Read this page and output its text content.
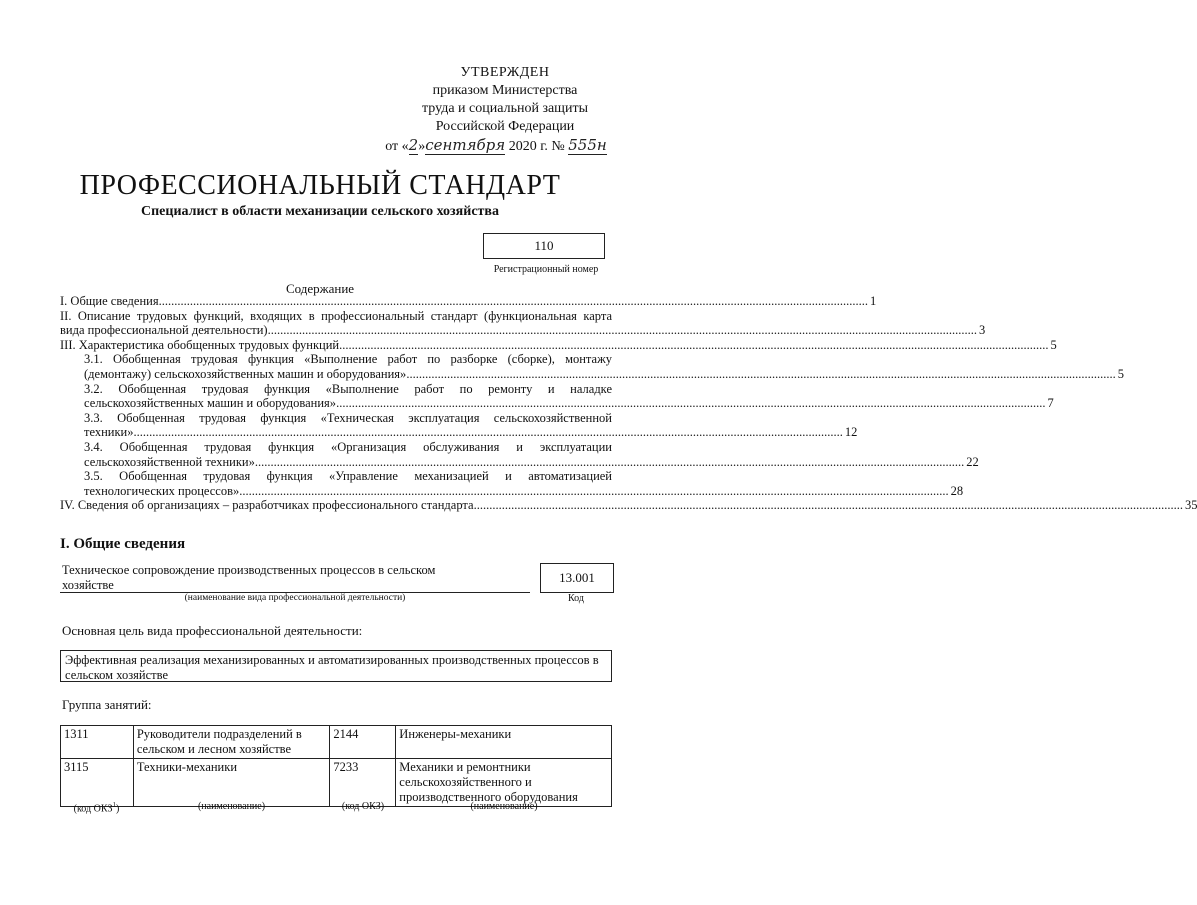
УТВЕРЖДЕН
приказом Министерства
труда и социальной защиты
Российской Федерации
от «2»сентября 2020 г. № 555н
ПРОФЕССИОНАЛЬНЫЙ СТАНДАРТ
Специалист в области механизации сельского хозяйства
110
Регистрационный номер
Содержание
I. Общие сведения .....	1
II. Описание трудовых функций, входящих в профессиональный стандарт (функциональная карта
вида профессиональной деятельности) .....	3
III. Характеристика обобщенных трудовых функций .....	5
3.1. Обобщенная трудовая функция «Выполнение работ по разборке (сборке), монтажу
(демонтажу) сельскохозяйственных машин и оборудования» .....	5
3.2. Обобщенная трудовая функция «Выполнение работ по ремонту и наладке
сельскохозяйственных машин и оборудования» .....	7
3.3. Обобщенная трудовая функция «Техническая эксплуатация сельскохозяйственной
техники» .....	12
3.4. Обобщенная трудовая функция «Организация обслуживания и эксплуатации
сельскохозяйственной техники» .....	22
3.5. Обобщенная трудовая функция «Управление механизацией и автоматизацией
технологических процессов» .....	28
IV. Сведения об организациях – разработчиках профессионального стандарта .....	35
I. Общие сведения
Техническое сопровождение производственных процессов в сельском хозяйстве
(наименование вида профессиональной деятельности)
13.001
Код
Основная цель вида профессиональной деятельности:
Эффективная реализация механизированных и автоматизированных производственных процессов в сельском хозяйстве
Группа занятий:
1311	Руководители подразделений в сельском и лесном хозяйстве	2144	Инженеры-механики
3115	Техники-механики	7233	Механики и ремонтники сельскохозяйственного и производственного оборудования
(код ОКЗ$^1$)	(наименование)	(код ОКЗ)	(наименование)
